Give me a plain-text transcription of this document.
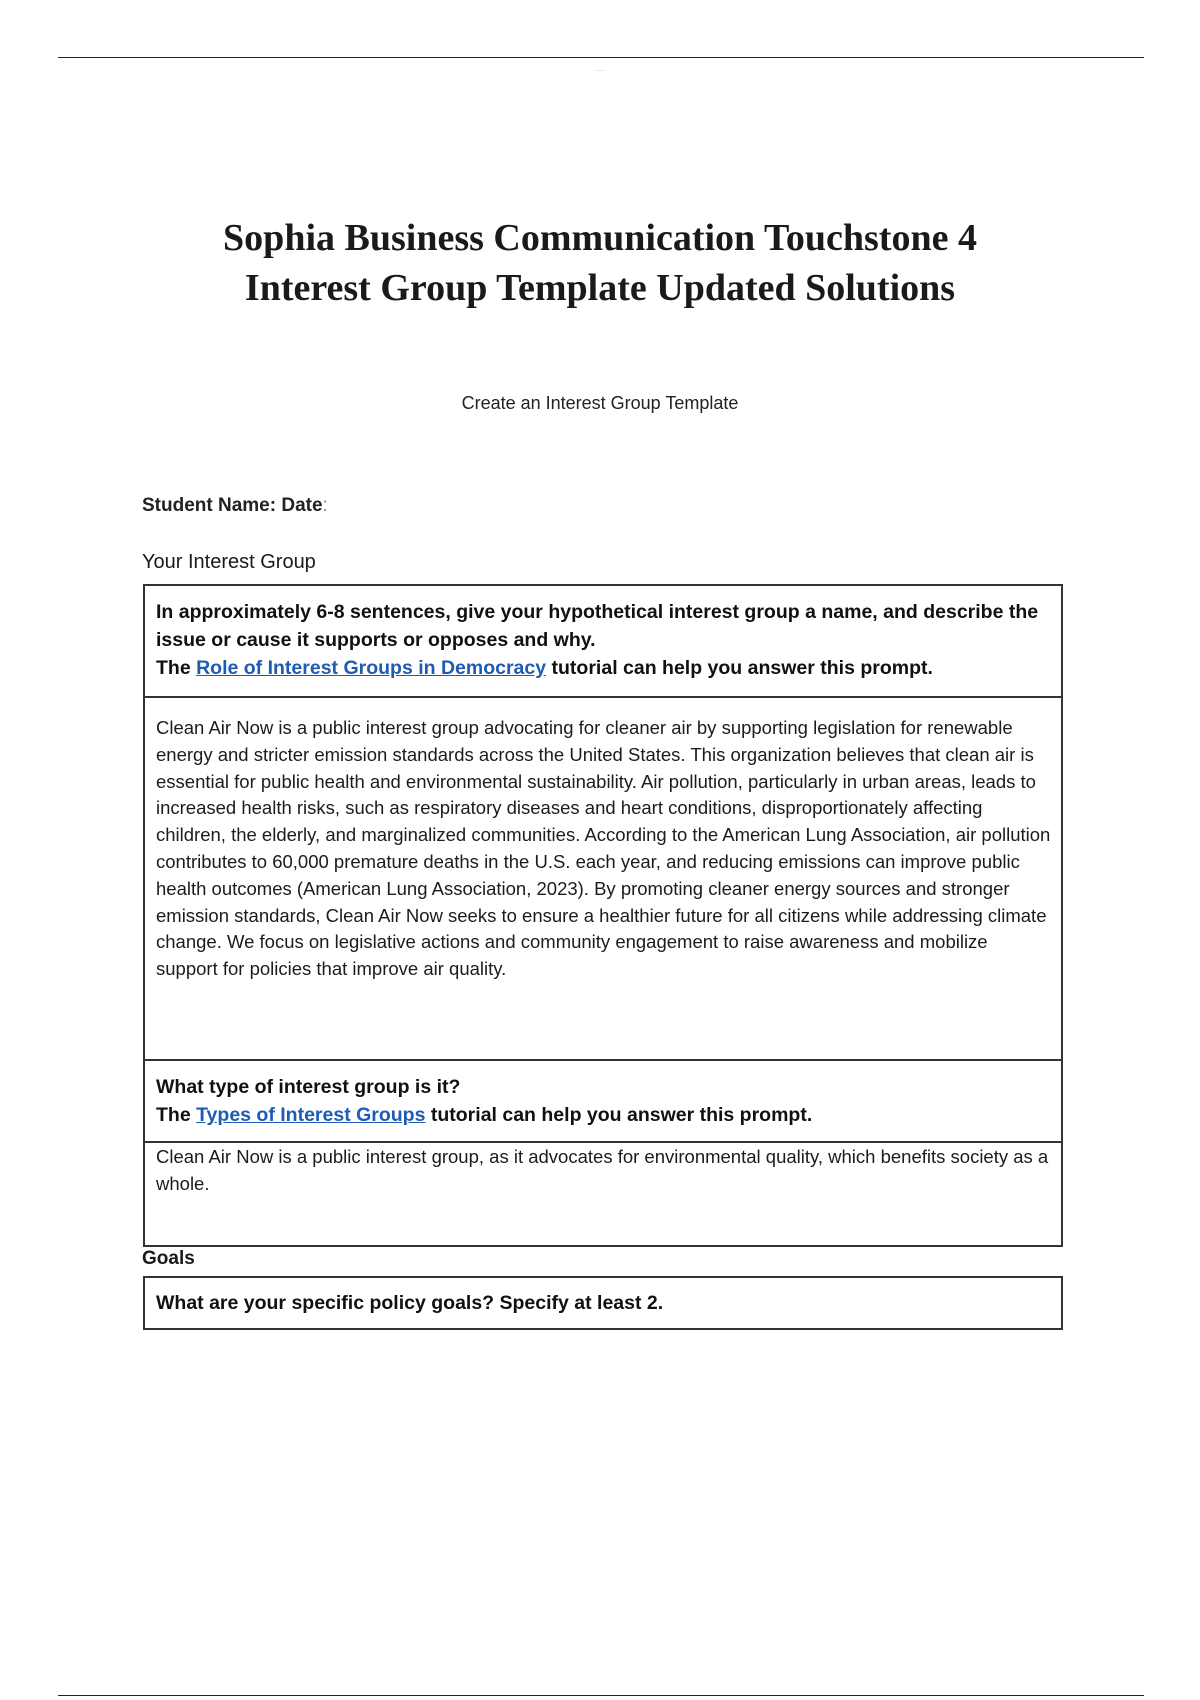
······
Sophia Business Communication Touchstone 4
Interest Group Template Updated Solutions
Create an Interest Group Template
Student Name: Date:
Your Interest Group
In approximately 6-8 sentences, give your hypothetical interest group a name, and describe the issue or cause it supports or opposes and why.
The Role of Interest Groups in Democracy tutorial can help you answer this prompt.
Clean Air Now is a public interest group advocating for cleaner air by supporting legislation for renewable energy and stricter emission standards across the United States. This organization believes that clean air is essential for public health and environmental sustainability. Air pollution, particularly in urban areas, leads to increased health risks, such as respiratory diseases and heart conditions, disproportionately affecting children, the elderly, and marginalized communities. According to the American Lung Association, air pollution contributes to 60,000 premature deaths in the U.S. each year, and reducing emissions can improve public health outcomes (American Lung Association, 2023). By promoting cleaner energy sources and stronger emission standards, Clean Air Now seeks to ensure a healthier future for all citizens while addressing climate change. We focus on legislative actions and community engagement to raise awareness and mobilize support for policies that improve air quality.
What type of interest group is it?
The Types of Interest Groups tutorial can help you answer this prompt.
Clean Air Now is a public interest group, as it advocates for environmental quality, which benefits society as a whole.
Goals
What are your specific policy goals? Specify at least 2.
